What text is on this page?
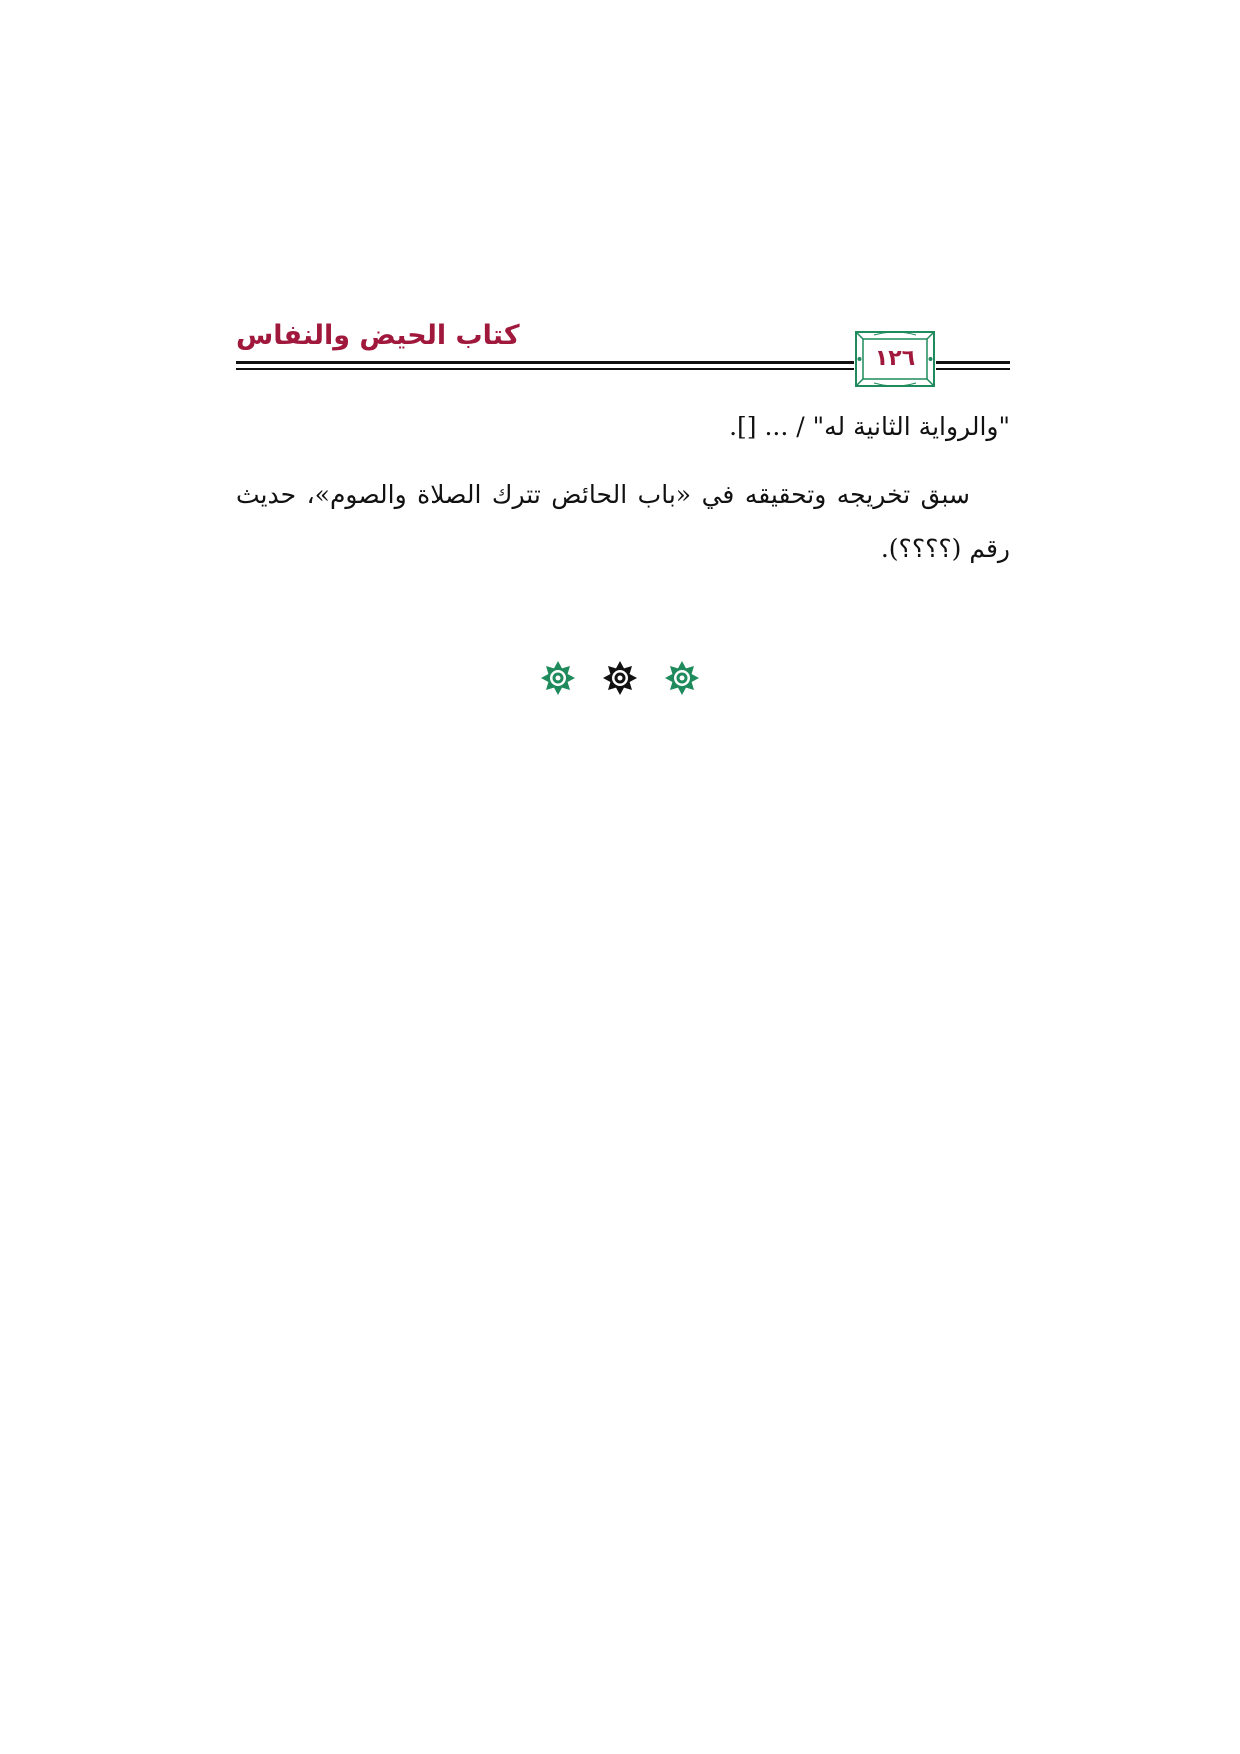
كتاب الحيض والنفاس
١٢٦
"والرواية الثانية له" / ... [].

سبق تخريجه وتحقيقه في «باب الحائض تترك الصلاة والصوم»، حديث رقم (؟؟؟؟).
